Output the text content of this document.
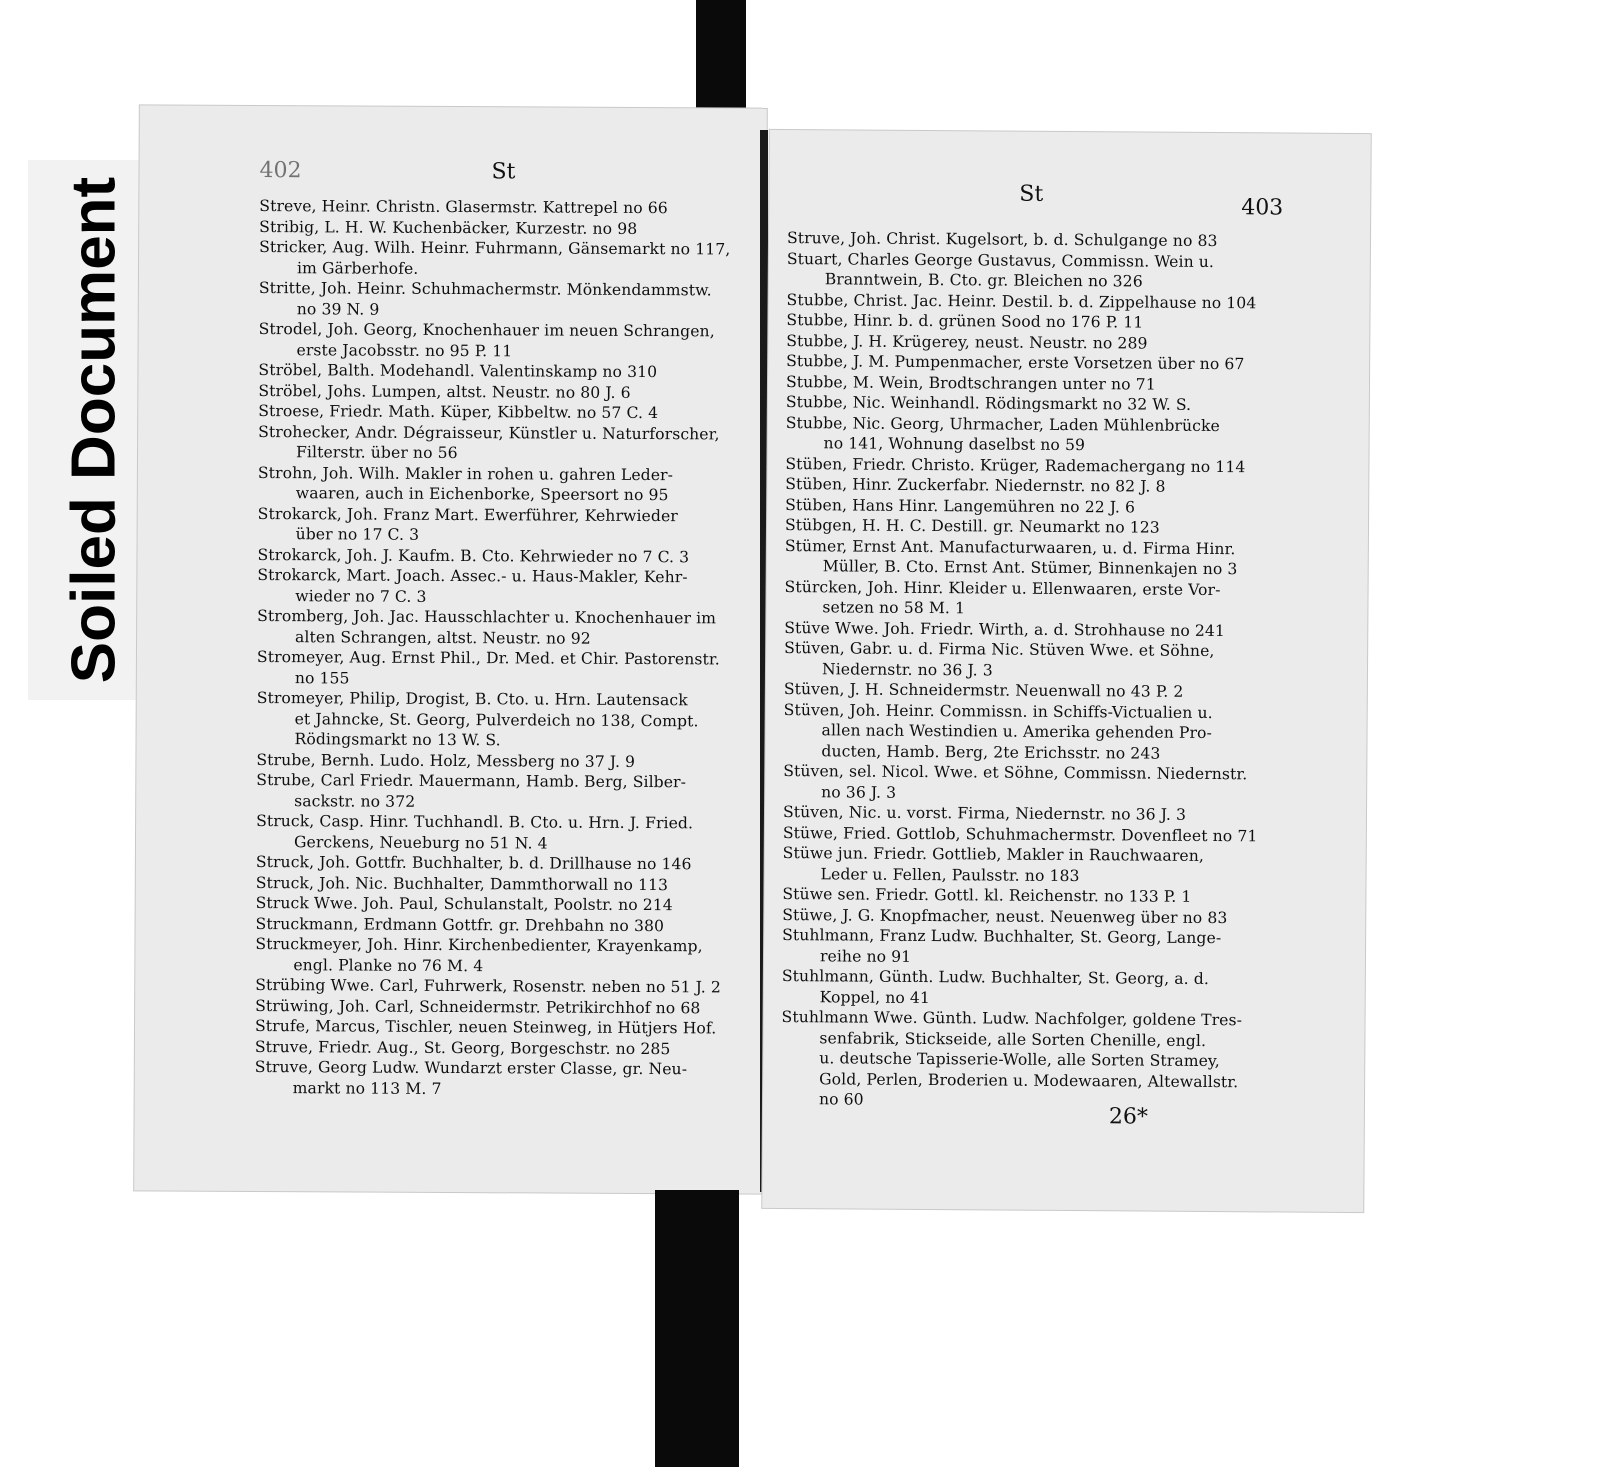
Soiled Document
402	St
Streve, Heinr. Christn. Glasermstr. Kattrepel no 66
Stribig, L. H. W. Kuchenbäcker, Kurzestr. no 98
Stricker, Aug. Wilh. Heinr. Fuhrmann, Gänsemarkt no 117,
im Gärberhofe.
Stritte, Joh. Heinr. Schuhmachermstr. Mönkendammstw.
no 39 N. 9
Strodel, Joh. Georg, Knochenhauer im neuen Schrangen,
erste Jacobsstr. no 95 P. 11
Ströbel, Balth. Modehandl. Valentinskamp no 310
Ströbel, Johs. Lumpen, altst. Neustr. no 80 J. 6
Stroese, Friedr. Math. Küper, Kibbeltw. no 57 C. 4
Strohecker, Andr. Dégraisseur, Künstler u. Naturforscher,
Filterstr. über no 56
Strohn, Joh. Wilh. Makler in rohen u. gahren Leder-
waaren, auch in Eichenborke, Speersort no 95
Strokarck, Joh. Franz Mart. Ewerführer, Kehrwieder
über no 17 C. 3
Strokarck, Joh. J. Kaufm. B. Cto. Kehrwieder no 7 C. 3
Strokarck, Mart. Joach. Assec.- u. Haus-Makler, Kehr-
wieder no 7 C. 3
Stromberg, Joh. Jac. Hausschlachter u. Knochenhauer im
alten Schrangen, altst. Neustr. no 92
Stromeyer, Aug. Ernst Phil., Dr. Med. et Chir. Pastorenstr.
no 155
Stromeyer, Philip, Drogist, B. Cto. u. Hrn. Lautensack
et Jahncke, St. Georg, Pulverdeich no 138, Compt.
Rödingsmarkt no 13 W. S.
Strube, Bernh. Ludo. Holz, Messberg no 37 J. 9
Strube, Carl Friedr. Mauermann, Hamb. Berg, Silber-
sackstr. no 372
Struck, Casp. Hinr. Tuchhandl. B. Cto. u. Hrn. J. Fried.
Gerckens, Neueburg no 51 N. 4
Struck, Joh. Gottfr. Buchhalter, b. d. Drillhause no 146
Struck, Joh. Nic. Buchhalter, Dammthorwall no 113
Struck Wwe. Joh. Paul, Schulanstalt, Poolstr. no 214
Struckmann, Erdmann Gottfr. gr. Drehbahn no 380
Struckmeyer, Joh. Hinr. Kirchenbedienter, Krayenkamp,
engl. Planke no 76 M. 4
Strübing Wwe. Carl, Fuhrwerk, Rosenstr. neben no 51 J. 2
Strüwing, Joh. Carl, Schneidermstr. Petrikirchhof no 68
Strufe, Marcus, Tischler, neuen Steinweg, in Hütjers Hof.
Struve, Friedr. Aug., St. Georg, Borgeschstr. no 285
Struve, Georg Ludw. Wundarzt erster Classe, gr. Neu-
markt no 113 M. 7
St
403
Struve, Joh. Christ. Kugelsort, b. d. Schulgange no 83
Stuart, Charles George Gustavus, Commissn. Wein u.
Branntwein, B. Cto. gr. Bleichen no 326
Stubbe, Christ. Jac. Heinr. Destil. b. d. Zippelhause no 104
Stubbe, Hinr. b. d. grünen Sood no 176 P. 11
Stubbe, J. H. Krügerey, neust. Neustr. no 289
Stubbe, J. M. Pumpenmacher, erste Vorsetzen über no 67
Stubbe, M. Wein, Brodtschrangen unter no 71
Stubbe, Nic. Weinhandl. Rödingsmarkt no 32 W. S.
Stubbe, Nic. Georg, Uhrmacher, Laden Mühlenbrücke
no 141, Wohnung daselbst no 59
Stüben, Friedr. Christo. Krüger, Rademachergang no 114
Stüben, Hinr. Zuckerfabr. Niedernstr. no 82 J. 8
Stüben, Hans Hinr. Langemühren no 22 J. 6
Stübgen, H. H. C. Destill. gr. Neumarkt no 123
Stümer, Ernst Ant. Manufacturwaaren, u. d. Firma Hinr.
Müller, B. Cto. Ernst Ant. Stümer, Binnenkajen no 3
Stürcken, Joh. Hinr. Kleider u. Ellenwaaren, erste Vor-
setzen no 58 M. 1
Stüve Wwe. Joh. Friedr. Wirth, a. d. Strohhause no 241
Stüven, Gabr. u. d. Firma Nic. Stüven Wwe. et Söhne,
Niedernstr. no 36 J. 3
Stüven, J. H. Schneidermstr. Neuenwall no 43 P. 2
Stüven, Joh. Heinr. Commissn. in Schiffs-Victualien u.
allen nach Westindien u. Amerika gehenden Pro-
ducten, Hamb. Berg, 2te Erichsstr. no 243
Stüven, sel. Nicol. Wwe. et Söhne, Commissn. Niedernstr.
no 36 J. 3
Stüven, Nic. u. vorst. Firma, Niedernstr. no 36 J. 3
Stüwe, Fried. Gottlob, Schuhmachermstr. Dovenfleet no 71
Stüwe jun. Friedr. Gottlieb, Makler in Rauchwaaren,
Leder u. Fellen, Paulsstr. no 183
Stüwe sen. Friedr. Gottl. kl. Reichenstr. no 133 P. 1
Stüwe, J. G. Knopfmacher, neust. Neuenweg über no 83
Stuhlmann, Franz Ludw. Buchhalter, St. Georg, Lange-
reihe no 91
Stuhlmann, Günth. Ludw. Buchhalter, St. Georg, a. d.
Koppel, no 41
Stuhlmann Wwe. Günth. Ludw. Nachfolger, goldene Tres-
senfabrik, Stickseide, alle Sorten Chenille, engl.
u. deutsche Tapisserie-Wolle, alle Sorten Stramey,
Gold, Perlen, Broderien u. Modewaaren, Altewallstr.
no 60
26*
